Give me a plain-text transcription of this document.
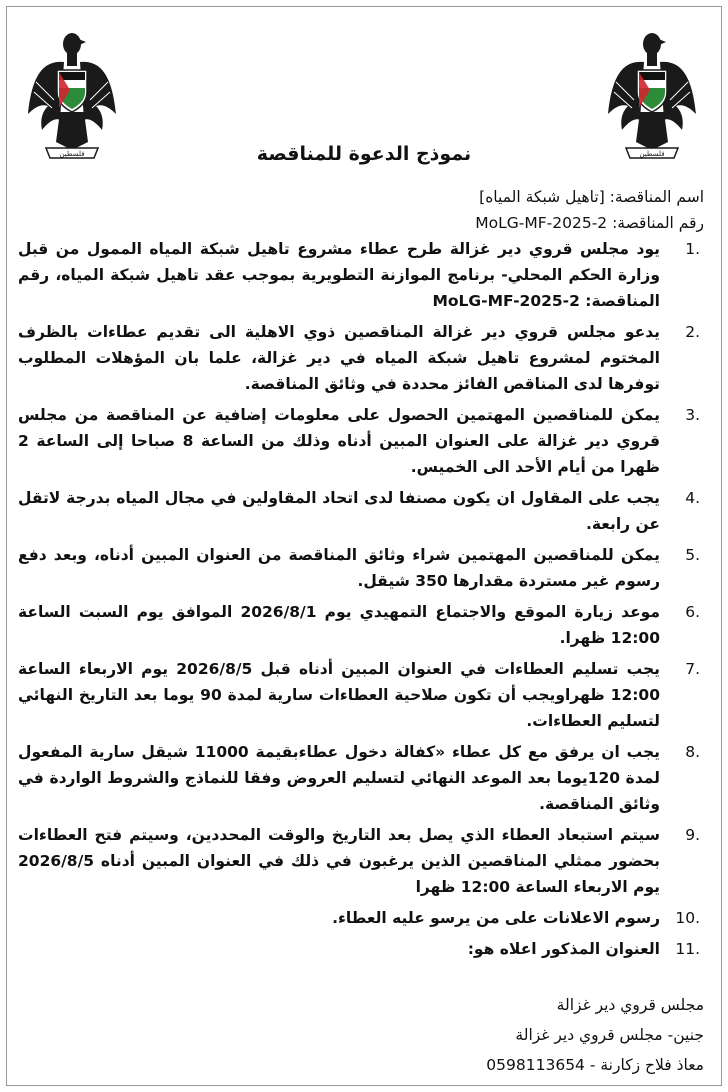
فلسطين	فلسطين
نموذج الدعوة للمناقصة

اسم المناقصة: [تاهيل شبكة المياه]

رقم المناقصة: MoLG-MF-2025-2

1.
يود مجلس قروي دير غزالة طرح عطاء مشروع تاهيل شبكة المياه الممول من قبل وزارة الحكم المحلي- برنامج الموازنة التطويرية بموجب عقد تاهيل شبكة المياه، رقم المناقصة: MoLG-MF-2025-2
2.
يدعو مجلس قروي دير غزالة المناقصين ذوي الاهلية الى تقديم عطاءات بالظرف المختوم لمشروع تاهيل شبكة المياه في دير غزالة، علما بان المؤهلات المطلوب توفرها لدى المناقص الفائز محددة في وثائق المناقصة.
3.
يمكن للمناقصين المهتمين الحصول على معلومات إضافية عن المناقصة من مجلس قروي دير غزالة على العنوان المبين أدناه وذلك من الساعة 8 صباحا إلى الساعة 2 ظهرا من أيام الأحد الى الخميس.
4.
يجب على المقاول ان يكون مصنفا لدى اتحاد المقاولين في مجال المياه بدرجة لاتقل عن رابعة.
5.
يمكن للمناقصين المهتمين شراء وثائق المناقصة من العنوان المبين أدناه، وبعد دفع رسوم غير مستردة مقدارها 350 شيقل.
6.
موعد زيارة الموقع والاجتماع التمهيدي يوم 2026/8/1 الموافق يوم السبت الساعة 12:00 ظهرا.
7.
يجب تسليم العطاءات في العنوان المبين أدناه قبل 2026/8/5 يوم الاربعاء الساعة 12:00 ظهراويجب أن تكون صلاحية العطاءات سارية لمدة 90 يوما بعد التاريخ النهائي لتسليم العطاءات.
8.
يجب ان يرفق مع كل عطاء «كفالة دخول عطاءبقيمة 11000 شيقل سارية المفعول لمدة 120يوما بعد الموعد النهائي لتسليم العروض وفقا للنماذج والشروط الواردة في وثائق المناقصة.
9.
سيتم استبعاد العطاء الذي يصل بعد التاريخ والوقت المحددين، وسيتم فتح العطاءات بحضور ممثلي المناقصين الذين يرغبون في ذلك في العنوان المبين أدناه 2026/8/5 يوم الاربعاء الساعة 12:00 ظهرا
10.
رسوم الاعلانات على من يرسو عليه العطاء.
11.
العنوان المذكور اعلاه هو:
مجلس قروي دير غزالة
جنين- مجلس قروي دير غزالة
معاذ فلاح زكارنة - 0598113654
